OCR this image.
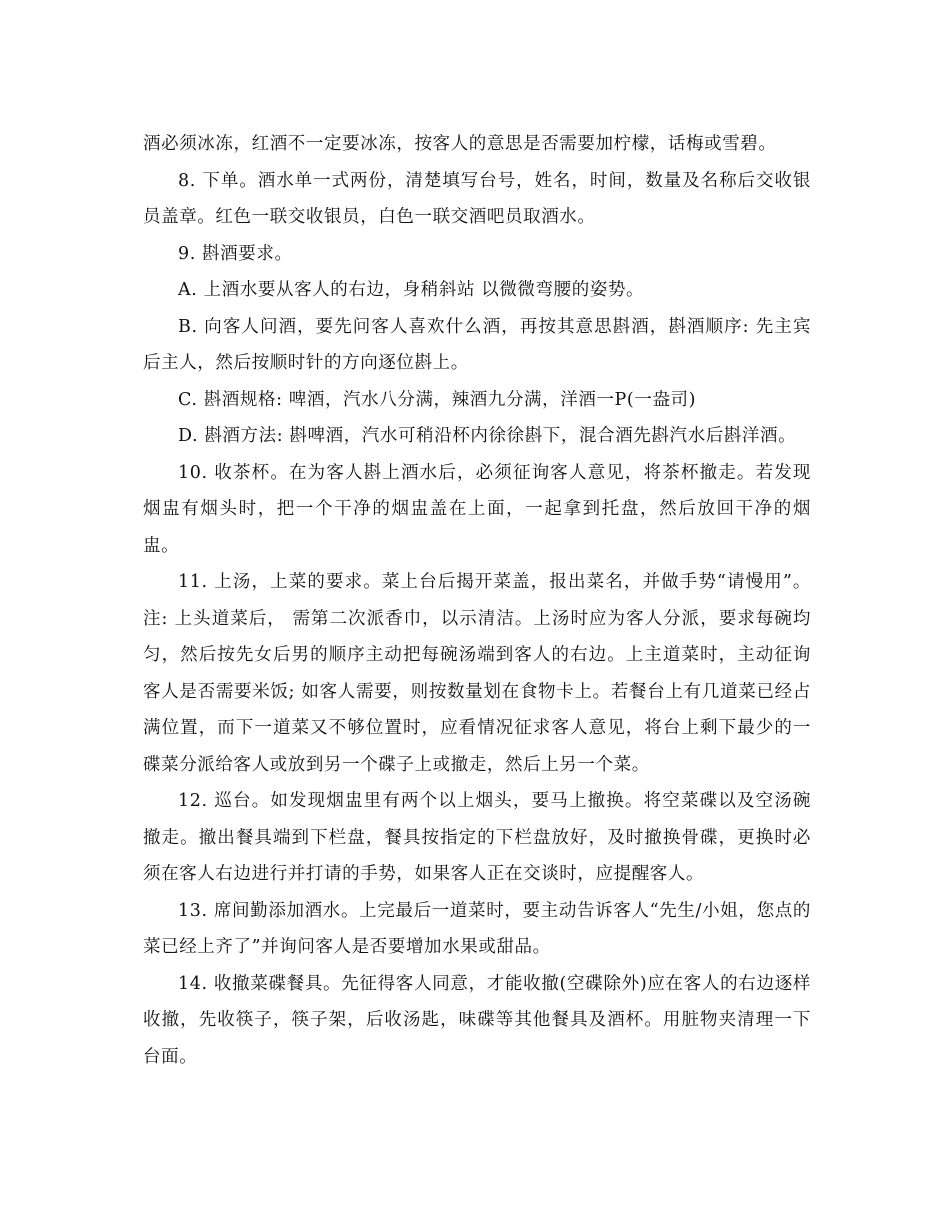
酒必须冰冻，红酒不一定要冰冻，按客人的意思是否需要加柠檬，话梅或雪碧。

8. 下单。酒水单一式两份，清楚填写台号，姓名，时间，数量及名称后交收银员盖章。红色一联交收银员，白色一联交酒吧员取酒水。

9. 斟酒要求。

A. 上酒水要从客人的右边，身稍斜站 以微微弯腰的姿势。

B. 向客人问酒，要先问客人喜欢什么酒，再按其意思斟酒，斟酒顺序: 先主宾后主人，然后按顺时针的方向逐位斟上。

C. 斟酒规格: 啤酒，汽水八分满，辣酒九分满，洋酒一P(一盎司)

D. 斟酒方法: 斟啤酒，汽水可稍沿杯内徐徐斟下，混合酒先斟汽水后斟洋酒。

10. 收茶杯。在为客人斟上酒水后，必须征询客人意见，将茶杯撤走。若发现烟盅有烟头时，把一个干净的烟盅盖在上面，一起拿到托盘，然后放回干净的烟盅。

11. 上汤，上菜的要求。菜上台后揭开菜盖，报出菜名，并做手势“请慢用”。注: 上头道菜后， 需第二次派香巾，以示清洁。上汤时应为客人分派，要求每碗均匀，然后按先女后男的顺序主动把每碗汤端到客人的右边。上主道菜时，主动征询客人是否需要米饭; 如客人需要，则按数量划在食物卡上。若餐台上有几道菜已经占满位置，而下一道菜又不够位置时，应看情况征求客人意见，将台上剩下最少的一碟菜分派给客人或放到另一个碟子上或撤走，然后上另一个菜。

12. 巡台。如发现烟盅里有两个以上烟头，要马上撤换。将空菜碟以及空汤碗撤走。撤出餐具端到下栏盘，餐具按指定的下栏盘放好，及时撤换骨碟，更换时必须在客人右边进行并打请的手势，如果客人正在交谈时，应提醒客人。

13. 席间勤添加酒水。上完最后一道菜时，要主动告诉客人“先生/小姐，您点的菜已经上齐了”并询问客人是否要增加水果或甜品。

14. 收撤菜碟餐具。先征得客人同意，才能收撤(空碟除外)应在客人的右边逐样收撤，先收筷子，筷子架，后收汤匙，味碟等其他餐具及酒杯。用脏物夹清理一下台面。
